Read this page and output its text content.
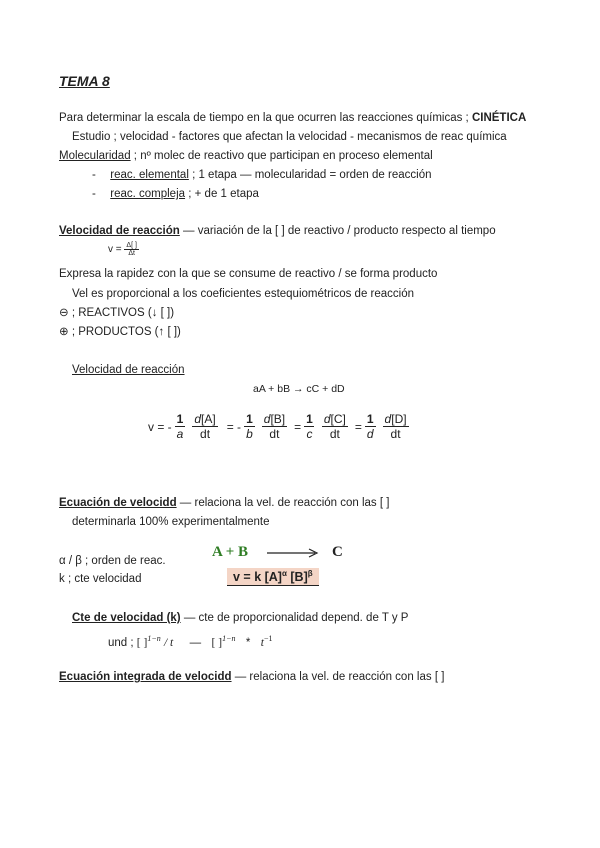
TEMA 8
Para determinar la escala de tiempo en la que ocurren las reacciones químicas ; CINÉTICA
Estudio ; velocidad - factores que afectan la velocidad - mecanismos de reac química
Molecularidad ; nº molec de reactivo que participan en proceso elemental
- reac. elemental ; 1 etapa — molecularidad = orden de reacción
- reac. compleja ; + de 1 etapa
Velocidad de reacción — variación de la [ ] de reactivo / producto respecto al tiempo
$v = \frac{\Delta[ ]}{\Delta t}$
Expresa la rapidez con la que se consume de reactivo / se forma producto
Vel es proporcional a los coeficientes estequiométricos de reacción
⊖ ; REACTIVOS (↓ [ ])
⊕ ; PRODUCTOS (↑ [ ])
Velocidad de reacción
aA + bB → cC + dD
v = - $\frac{1}{a} \frac{d[A]}{dt}$ = - $\frac{1}{b} \frac{d[B]}{dt} = \frac{1}{c} \frac{d[C]}{dt} = \frac{1}{d} \frac{d[D]}{dt}$
Ecuación de velocidd — relaciona la vel. de reacción con las [ ]
determinarla 100% experimentalmente
α / β ; orden de reac.
k ; cte velocidad
A + B	C
v = k $[A]^\alpha$ $[B]^\beta$
Cte de velocidad (k) — cte de proporcionalidad depend. de T y P
und ; [ ]$^{1-n}$ / t — [ ]$^{1-n} * t^{-1}$
Ecuación integrada de velocidd — relaciona la vel. de reacción con las [ ]
